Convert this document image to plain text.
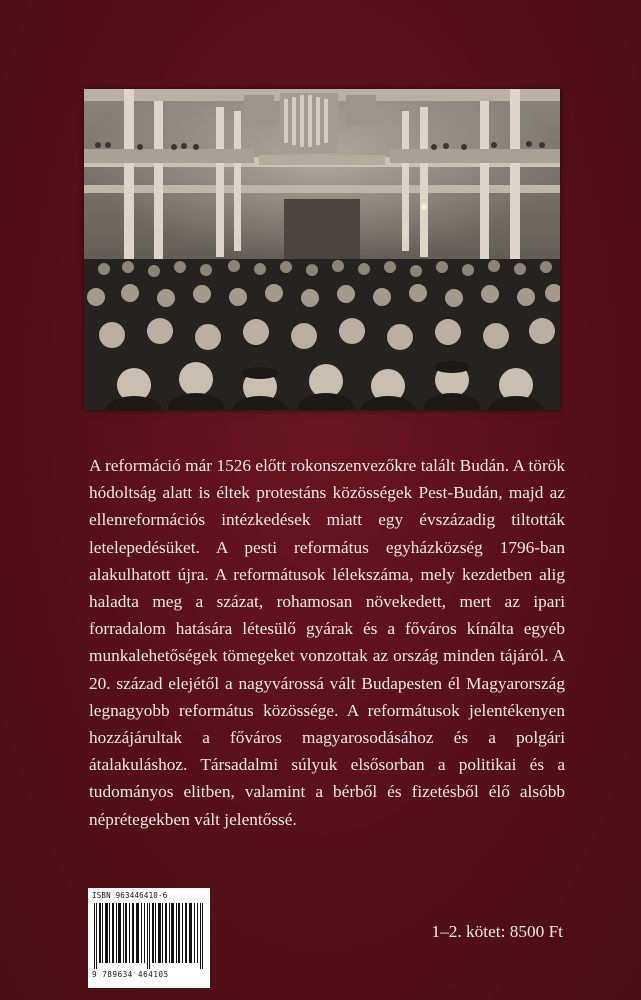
A reformáció már 1526 előtt rokonszenvezőkre talált Budán. A török hódoltság alatt is éltek protestáns közösségek Pest-Budán, majd az ellenreformációs intézkedések miatt egy évszázadig tiltották letelepedésüket. A pesti református egyházközség 1796-ban alakulhatott újra. A reformátusok lélekszáma, mely kezdetben alig haladta meg a százat, rohamosan növekedett, mert az ipari forradalom hatására létesülő gyárak és a főváros kínálta egyéb munkalehetőségek tömegeket vonzottak az ország minden tájáról. A 20. század elejétől a nagyvárossá vált Budapesten él Magyarország legnagyobb református közössége. A reformátusok jelentékenyen hozzájárultak a főváros magyarosodásához és a polgári átalakuláshoz. Társadalmi súlyuk elsősorban a politikai és a tudományos elitben, valamint a bérből és fizetésből élő alsóbb néprétegekben vált jelentőssé.
ISBN 963446410-6
9 789634 464105
1–2. kötet: 8500 Ft
